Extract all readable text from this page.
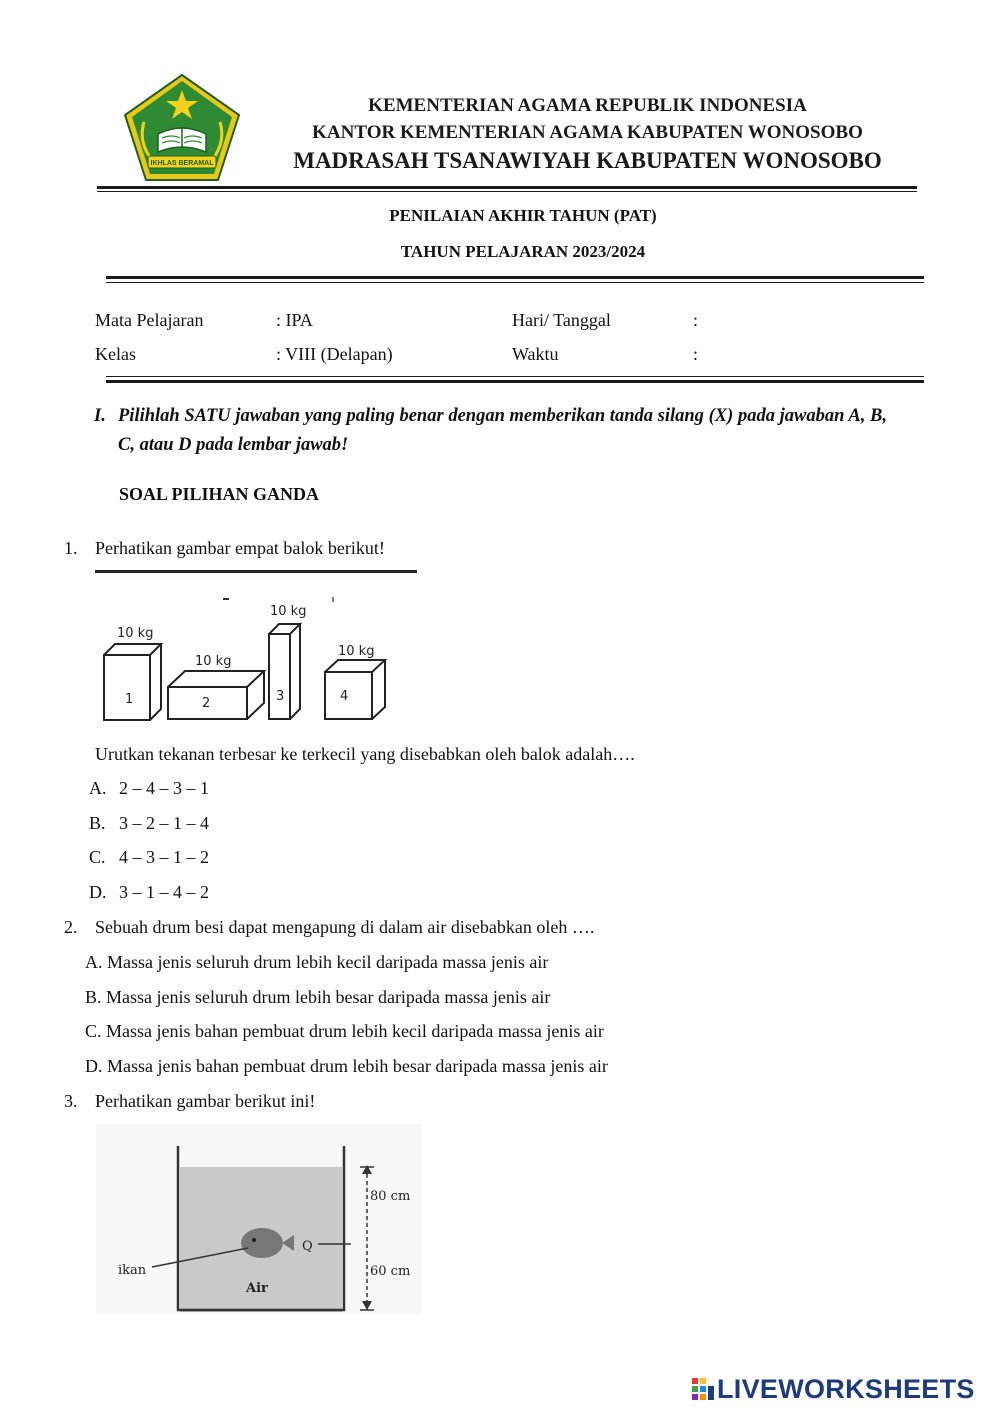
IKHLAS BERAMAL
KEMENTERIAN AGAMA REPUBLIK INDONESIA
KANTOR KEMENTERIAN AGAMA KABUPATEN WONOSOBO
MADRASAH TSANAWIYAH KABUPATEN WONOSOBO
PENILAIAN AKHIR TAHUN (PAT)
TAHUN PELAJARAN 2023/2024
Mata Pelajaran	: IPA	Hari/ Tanggal	:
Kelas	: VIII (Delapan)	Waktu	:
I. Pilihlah SATU jawaban yang paling benar dengan memberikan tanda silang (X) pada jawaban A, B, C, atau D pada lembar jawab!
SOAL PILIHAN GANDA
1. Perhatikan gambar empat balok berikut!
10 kg
10 kg
10 kg
10 kg
1	2	3	4
Urutkan tekanan terbesar ke terkecil yang disebabkan oleh balok adalah….
A. 2 – 4 – 3 – 1
B. 3 – 2 – 1 – 4
C. 4 – 3 – 1 – 2
D. 3 – 1 – 4 – 2
2. Sebuah drum besi dapat mengapung di dalam air disebabkan oleh ….
A. Massa jenis seluruh drum lebih kecil daripada massa jenis air
B. Massa jenis seluruh drum lebih besar daripada massa jenis air
C. Massa jenis bahan pembuat drum lebih kecil daripada massa jenis air
D. Massa jenis bahan pembuat drum lebih besar daripada massa jenis air
3. Perhatikan gambar berikut ini!
80 cm
60 cm
ikan
Q
Air
LIVEWORKSHEETS
